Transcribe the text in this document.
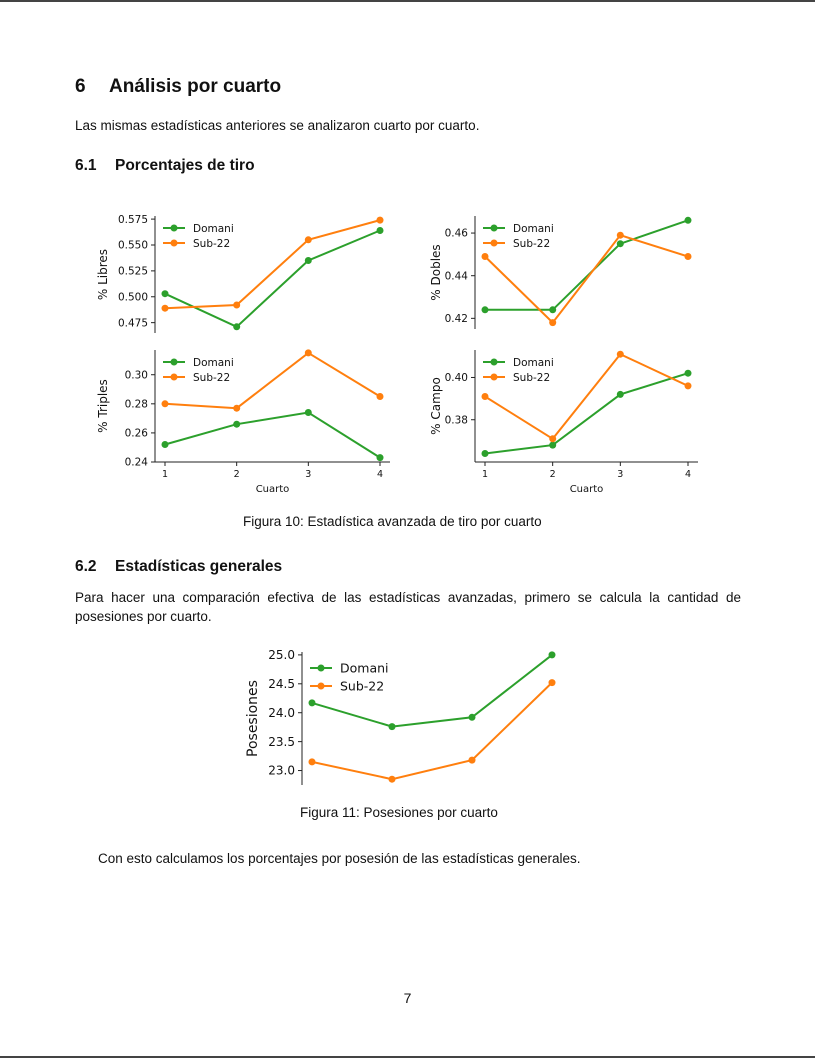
6 Análisis por cuarto
Las mismas estadísticas anteriores se analizaron cuarto por cuarto.
6.1 Porcentajes de tiro
0.475
0.500
0.525
0.550
0.575
% Libres
Domani
Sub-22
0.42
0.44
0.46
% Dobles
Domani
Sub-22
0.24
0.26
0.28
0.30
1	2	3	4
Cuarto
% Triples
Domani
Sub-22
0.38
0.40
1	2	3	4
Cuarto
% Campo
Domani
Sub-22
Figura 10: Estadística avanzada de tiro por cuarto
6.2 Estadísticas generales
Para hacer una comparación efectiva de las estadísticas avanzadas, primero se calcula la cantidad de posesiones por cuarto.
23.0
23.5
24.0
24.5
25.0
Posesiones
Domani
Sub-22
Figura 11: Posesiones por cuarto
Con esto calculamos los porcentajes por posesión de las estadísticas generales.
7
